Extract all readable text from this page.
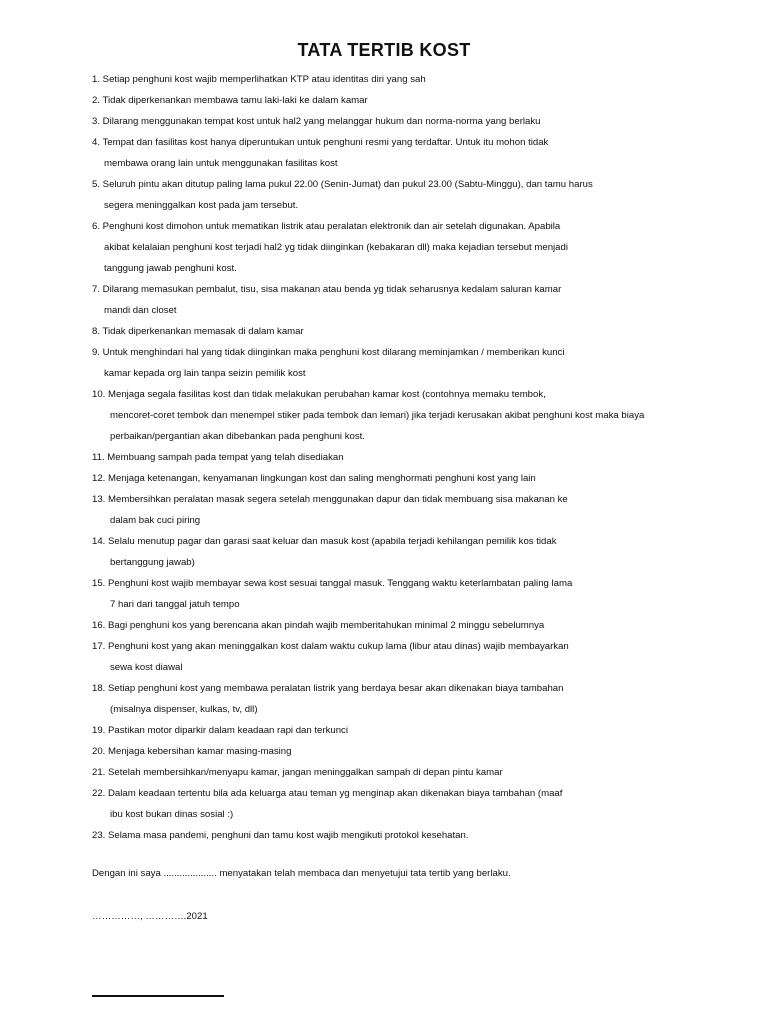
TATA TERTIB KOST
1. Setiap penghuni kost wajib memperlihatkan KTP atau identitas diri yang sah
2. Tidak diperkenankan membawa tamu laki-laki ke dalam kamar
3. Dilarang menggunakan tempat kost untuk hal2 yang melanggar hukum dan norma-norma yang berlaku
4. Tempat dan fasilitas kost hanya diperuntukan untuk penghuni resmi yang terdaftar. Untuk itu mohon tidak
membawa orang lain untuk menggunakan fasilitas kost
5. Seluruh pintu akan ditutup paling lama pukul 22.00 (Senin-Jumat) dan pukul 23.00 (Sabtu-Minggu), dan tamu harus
segera meninggalkan kost pada jam tersebut.
6. Penghuni kost dimohon untuk mematikan listrik atau peralatan elektronik dan air setelah digunakan. Apabila
akibat kelalaian penghuni kost terjadi hal2 yg tidak diinginkan (kebakaran dll) maka kejadian tersebut menjadi
tanggung jawab penghuni kost.
7. Dilarang memasukan pembalut, tisu, sisa makanan atau benda yg tidak seharusnya kedalam saluran kamar
mandi dan closet
8. Tidak diperkenankan memasak di dalam kamar
9. Untuk menghindari hal yang tidak diinginkan maka penghuni kost dilarang meminjamkan / memberikan kunci
kamar kepada org lain tanpa seizin pemilik kost
10. Menjaga segala fasilitas kost dan tidak melakukan perubahan kamar kost (contohnya memaku tembok,
mencoret-coret tembok dan menempel stiker pada tembok dan lemari) jika terjadi kerusakan akibat penghuni kost maka biaya
perbaikan/pergantian akan dibebankan pada penghuni kost.
11. Membuang sampah pada tempat yang telah disediakan
12. Menjaga ketenangan, kenyamanan lingkungan kost dan saling menghormati penghuni kost yang lain
13. Membersihkan peralatan masak segera setelah menggunakan dapur dan tidak membuang sisa makanan ke
dalam bak cuci piring
14. Selalu menutup pagar dan garasi saat keluar dan masuk kost (apabila terjadi kehilangan pemilik kos tidak
bertanggung jawab)
15. Penghuni kost wajib membayar sewa kost sesuai tanggal masuk. Tenggang waktu keterlambatan paling lama
7 hari dari tanggal jatuh tempo
16. Bagi penghuni kos yang berencana akan pindah wajib memberitahukan minimal 2 minggu sebelumnya
17. Penghuni kost yang akan meninggalkan kost dalam waktu cukup lama (libur atau dinas) wajib membayarkan
sewa kost diawal
18. Setiap penghuni kost yang membawa peralatan listrik yang berdaya besar akan dikenakan biaya tambahan
(misalnya dispenser, kulkas, tv, dll)
19. Pastikan motor diparkir dalam keadaan rapi dan terkunci
20. Menjaga kebersihan kamar masing-masing
21. Setelah membersihkan/menyapu kamar, jangan meninggalkan sampah di depan pintu kamar
22. Dalam keadaan tertentu bila ada keluarga atau teman yg menginap akan dikenakan biaya tambahan (maaf
ibu kost bukan dinas sosial :)
23. Selama masa pandemi, penghuni dan tamu kost wajib mengikuti protokol kesehatan.
Dengan ini saya .................... menyatakan telah membaca dan menyetujui tata tertib yang berlaku.
……………, ………….2021
